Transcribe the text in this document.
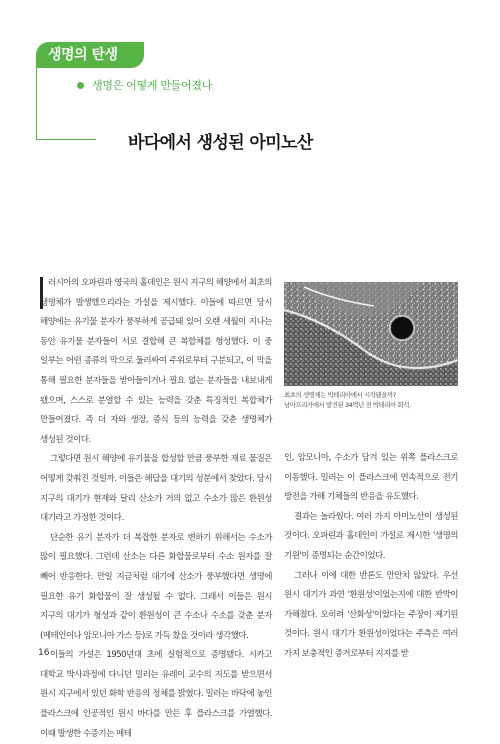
생명의 탄생
생명은 어떻게 만들어졌나
바다에서 생성된 아미노산

러시아의 오파린과 영국의 홀데인은 원시 지구의 해양에서 최초의 생명체가 발생했으리라는 가설을 제시했다. 이들에 따르면 당시 해양에는 유기물 분자가 풍부하게 공급돼 있어 오랜 세월이 지나는 동안 유기물 분자들이 서로 결합해 큰 복합체를 형성했다. 이 중 일부는 어떤 종류의 막으로 둘러싸여 주위로부터 구분되고, 이 막을 통해 필요한 분자들을 받아들이거나 필요 없는 분자들을 내보내게 됐으며, 스스로 분열할 수 있는 능력을 갖춘 특징적인 복합체가 만들어졌다. 즉 더 자와 생장, 증식 등의 능력을 갖춘 생명체가 생성된 것이다.

그렇다면 원시 해양에 유기물을 합성할 만큼 풍부한 재료 물질은 어떻게 갖춰진 것일까. 이들은 해답을 대기의 성분에서 찾았다. 당시 지구의 대기가 현재와 달리 산소가 거의 없고 수소가 많은 환원성 대기라고 가정한 것이다.

단순한 유기 분자가 더 복잡한 분자로 변하기 위해서는 수소가 많이 필요했다. 그런데 산소는 다른 화합물로부터 수소 원자를 잘 빼어 반응한다. 만일 지금처럼 대기에 산소가 풍부했다면 생명에 필요한 유기 화합물이 잘 생성될 수 없다. 그래서 이들은 원시 지구의 대기가 형성과 같이 환원성이 큰 수소나 수소를 갖춘 분자(메테인이나 암모니아 가스 등)로 가득 찼을 것이라 생각했다.

이들의 가설은 1950년대 초에 실험적으로 증명됐다. 시카고 대학교 박사과정에 다니던 밀러는 유레이 교수의 지도를 받으면서 원시 지구에서 있던 화학 반응의 정체를 밝혔다. 밀러는 바닥에 놓인 플라스크에 인공적인 원시 바다를 만든 후 플라스크를 가열했다. 이때 발생한 수증기는 메테

최초의 생명체는 박테리아에서 시작됐을까?
남아프리카에서 발견된 34억년 전 박테리아 화석.

인, 암모니아, 수소가 담겨 있는 위쪽 플라스크로 이동했다. 밀러는 이 플라스크에 연속적으로 전기 방전을 가해 기체들의 반응을 유도했다.

결과는 놀라웠다. 여러 가지 아미노산이 생성된 것이다. 오파린과 홀데인이 가설로 제시한 '생명의 기원'이 증명되는 순간이었다.

그러나 이에 대한 반론도 만만치 않았다. 우선 원시 대기가 과연 '환원성'이었는지에 대한 반박이 가해졌다. 오히려 '산화성'이었다는 주장이 제기된 것이다. 원시 대기가 환원성이었다는 주측은 여러 가지 보충적인 증거로부터 지지를 받

16
